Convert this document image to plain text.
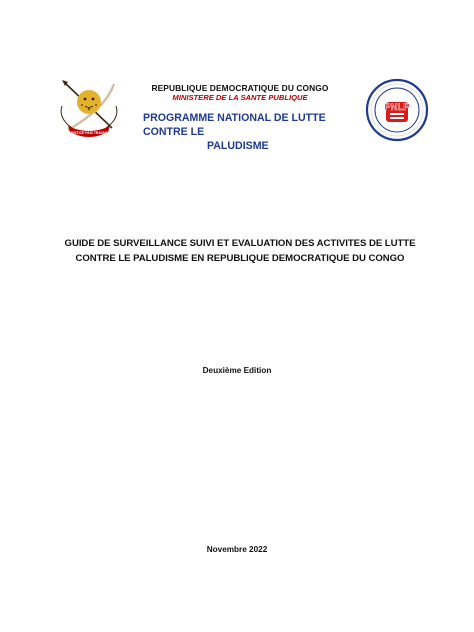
JUSTICE PAIX TRAVAIL
REPUBLIQUE DEMOCRATIQUE DU CONGO
MINISTERE DE LA SANTE PUBLIQUE
PROGRAMME NATIONAL DE LUTTE CONTRE LE
PALUDISME
PNLP
GUIDE DE SURVEILLANCE SUIVI ET EVALUATION DES ACTIVITES DE LUTTE
CONTRE LE PALUDISME EN REPUBLIQUE DEMOCRATIQUE DU CONGO
Deuxième Edition
Novembre 2022
